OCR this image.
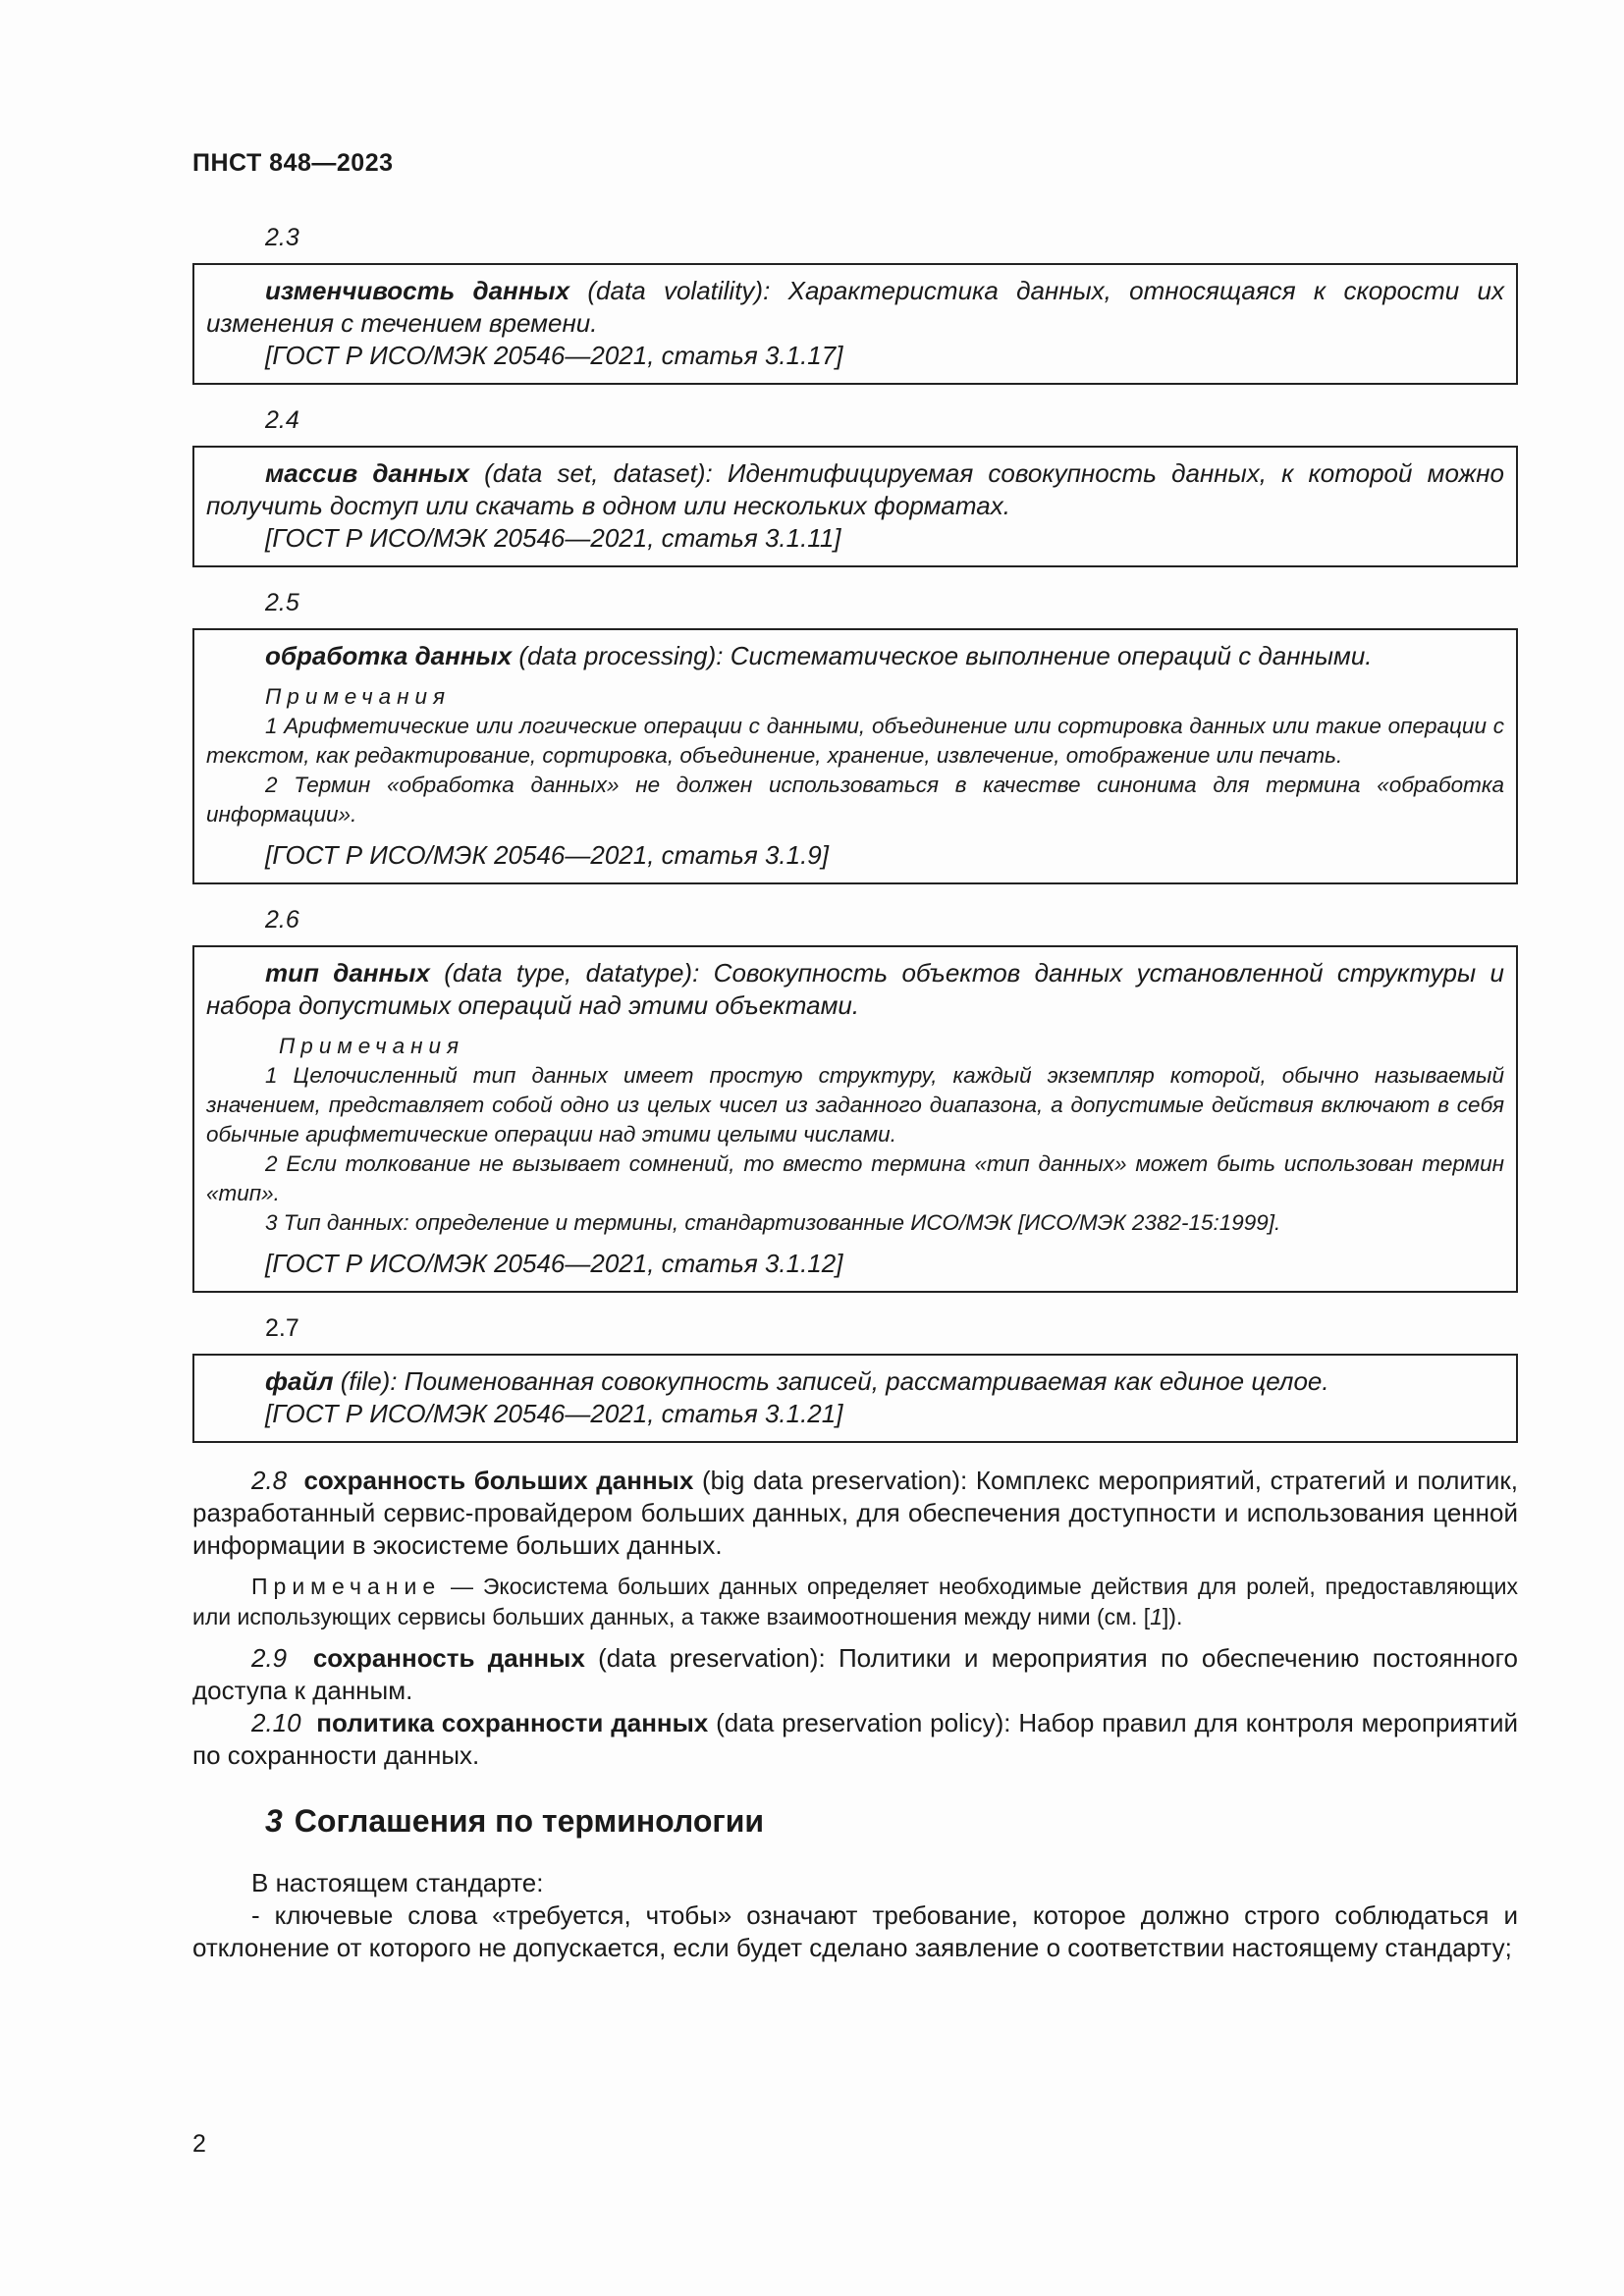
ПНСТ 848—2023
2.3
изменчивость данных (data volatility): Характеристика данных, относящаяся к скорости их изменения с течением времени.
[ГОСТ Р ИСО/МЭК 20546—2021, статья 3.1.17]
2.4
массив данных (data set, dataset): Идентифицируемая совокупность данных, к которой можно получить доступ или скачать в одном или нескольких форматах.
[ГОСТ Р ИСО/МЭК 20546—2021, статья 3.1.11]
2.5
обработка данных (data processing): Систематическое выполнение операций с данными.
Примечания
1 Арифметические или логические операции с данными, объединение или сортировка данных или такие операции с текстом, как редактирование, сортировка, объединение, хранение, извлечение, отображение или печать.
2 Термин «обработка данных» не должен использоваться в качестве синонима для термина «обработка информации».
[ГОСТ Р ИСО/МЭК 20546—2021, статья 3.1.9]
2.6
тип данных (data type, datatype): Совокупность объектов данных установленной структуры и набора допустимых операций над этими объектами.
Примечания
1 Целочисленный тип данных имеет простую структуру, каждый экземпляр которой, обычно называемый значением, представляет собой одно из целых чисел из заданного диапазона, а допустимые действия включают в себя обычные арифметические операции над этими целыми числами.
2 Если толкование не вызывает сомнений, то вместо термина «тип данных» может быть использован термин «тип».
3 Тип данных: определение и термины, стандартизованные ИСО/МЭК [ИСО/МЭК 2382-15:1999].
[ГОСТ Р ИСО/МЭК 20546—2021, статья 3.1.12]
2.7
файл (file): Поименованная совокупность записей, рассматриваемая как единое целое.
[ГОСТ Р ИСО/МЭК 20546—2021, статья 3.1.21]
2.8 сохранность больших данных (big data preservation): Комплекс мероприятий, стратегий и политик, разработанный сервис-провайдером больших данных, для обеспечения доступности и использования ценной информации в экосистеме больших данных.
Примечание — Экосистема больших данных определяет необходимые действия для ролей, предоставляющих или использующих сервисы больших данных, а также взаимоотношения между ними (см. [1]).
2.9 сохранность данных (data preservation): Политики и мероприятия по обеспечению постоянного доступа к данным.
2.10 политика сохранности данных (data preservation policy): Набор правил для контроля мероприятий по сохранности данных.
3 Соглашения по терминологии
В настоящем стандарте:
- ключевые слова «требуется, чтобы» означают требование, которое должно строго соблюдаться и отклонение от которого не допускается, если будет сделано заявление о соответствии настоящему стандарту;
2
